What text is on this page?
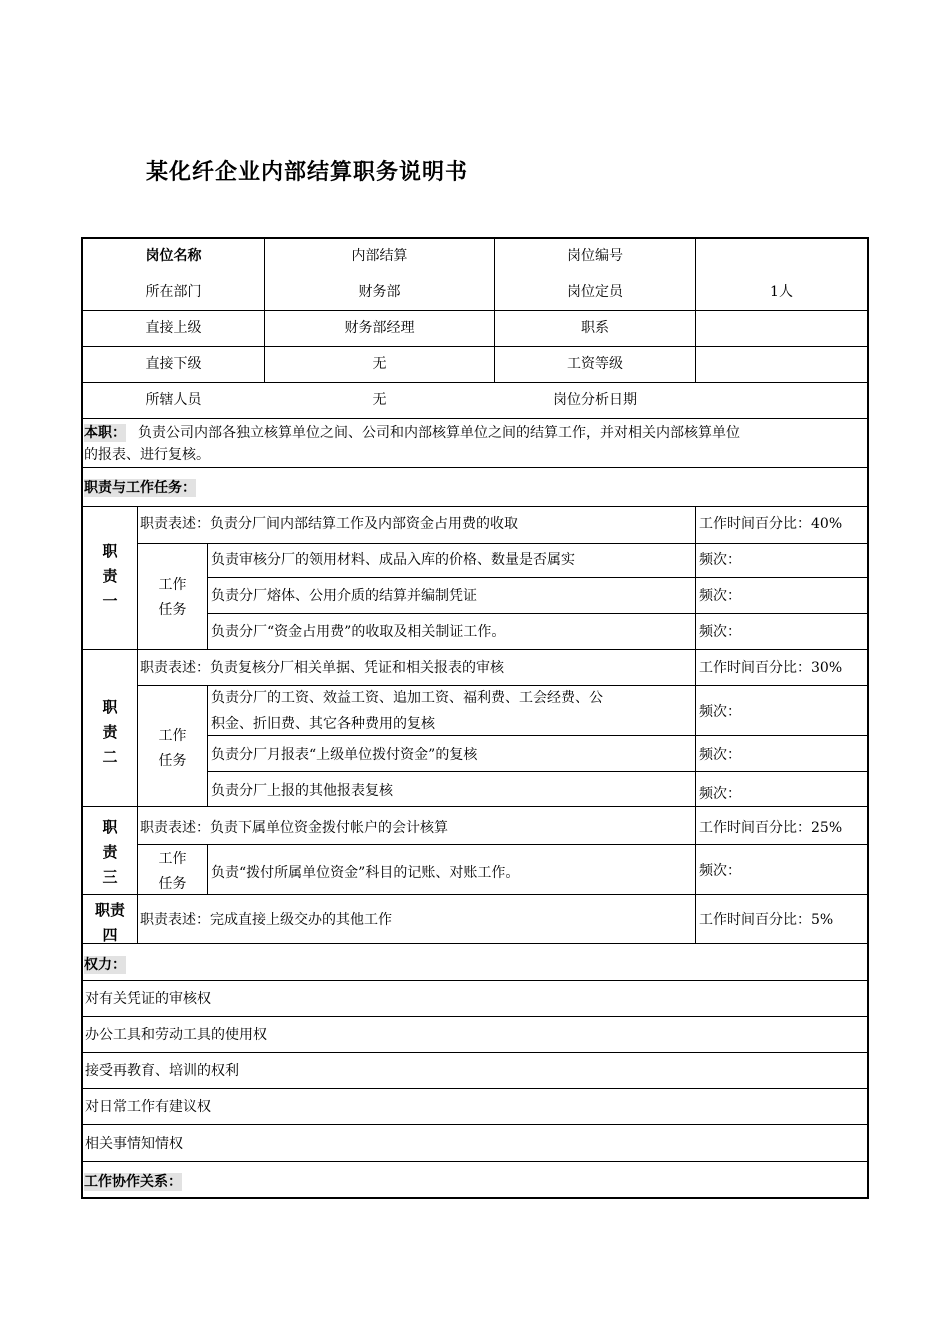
某化纤企业内部结算职务说明书
岗位名称	内部结算	岗位编号
所在部门	财务部	岗位定员	1人
直接上级	财务部经理	职系
直接下级	无	工资等级
所辖人员	无	岗位分析日期
本职： 负责公司内部各独立核算单位之间、公司和内部核算单位之间的结算工作，并对相关内部核算单位
的报表、进行复核。
职责与工作任务：
职
责
一
职责表述：负责分厂间内部结算工作及内部资金占用费的收取	工作时间百分比：40%
工作
任务
负责审核分厂的领用材料、成品入库的价格、数量是否属实	频次：
负责分厂熔体、公用介质的结算并编制凭证	频次：
负责分厂“资金占用费”的收取及相关制证工作。	频次：
职
责
二
职责表述：负责复核分厂相关单据、凭证和相关报表的审核	工作时间百分比：30%
工作
任务
负责分厂的工资、效益工资、追加工资、福利费、工会经费、公
积金、折旧费、其它各种费用的复核
频次：
负责分厂月报表“上级单位拨付资金”的复核	频次：
负责分厂上报的其他报表复核	频次：
职
责
三
职责表述：负责下属单位资金拨付帐户的会计核算	工作时间百分比：25%
工作
任务
负责“拨付所属单位资金”科目的记账、对账工作。	频次：
职责
四
职责表述：完成直接上级交办的其他工作	工作时间百分比：5%
权力：
对有关凭证的审核权
办公工具和劳动工具的使用权
接受再教育、培训的权利
对日常工作有建议权
相关事情知情权
工作协作关系：
